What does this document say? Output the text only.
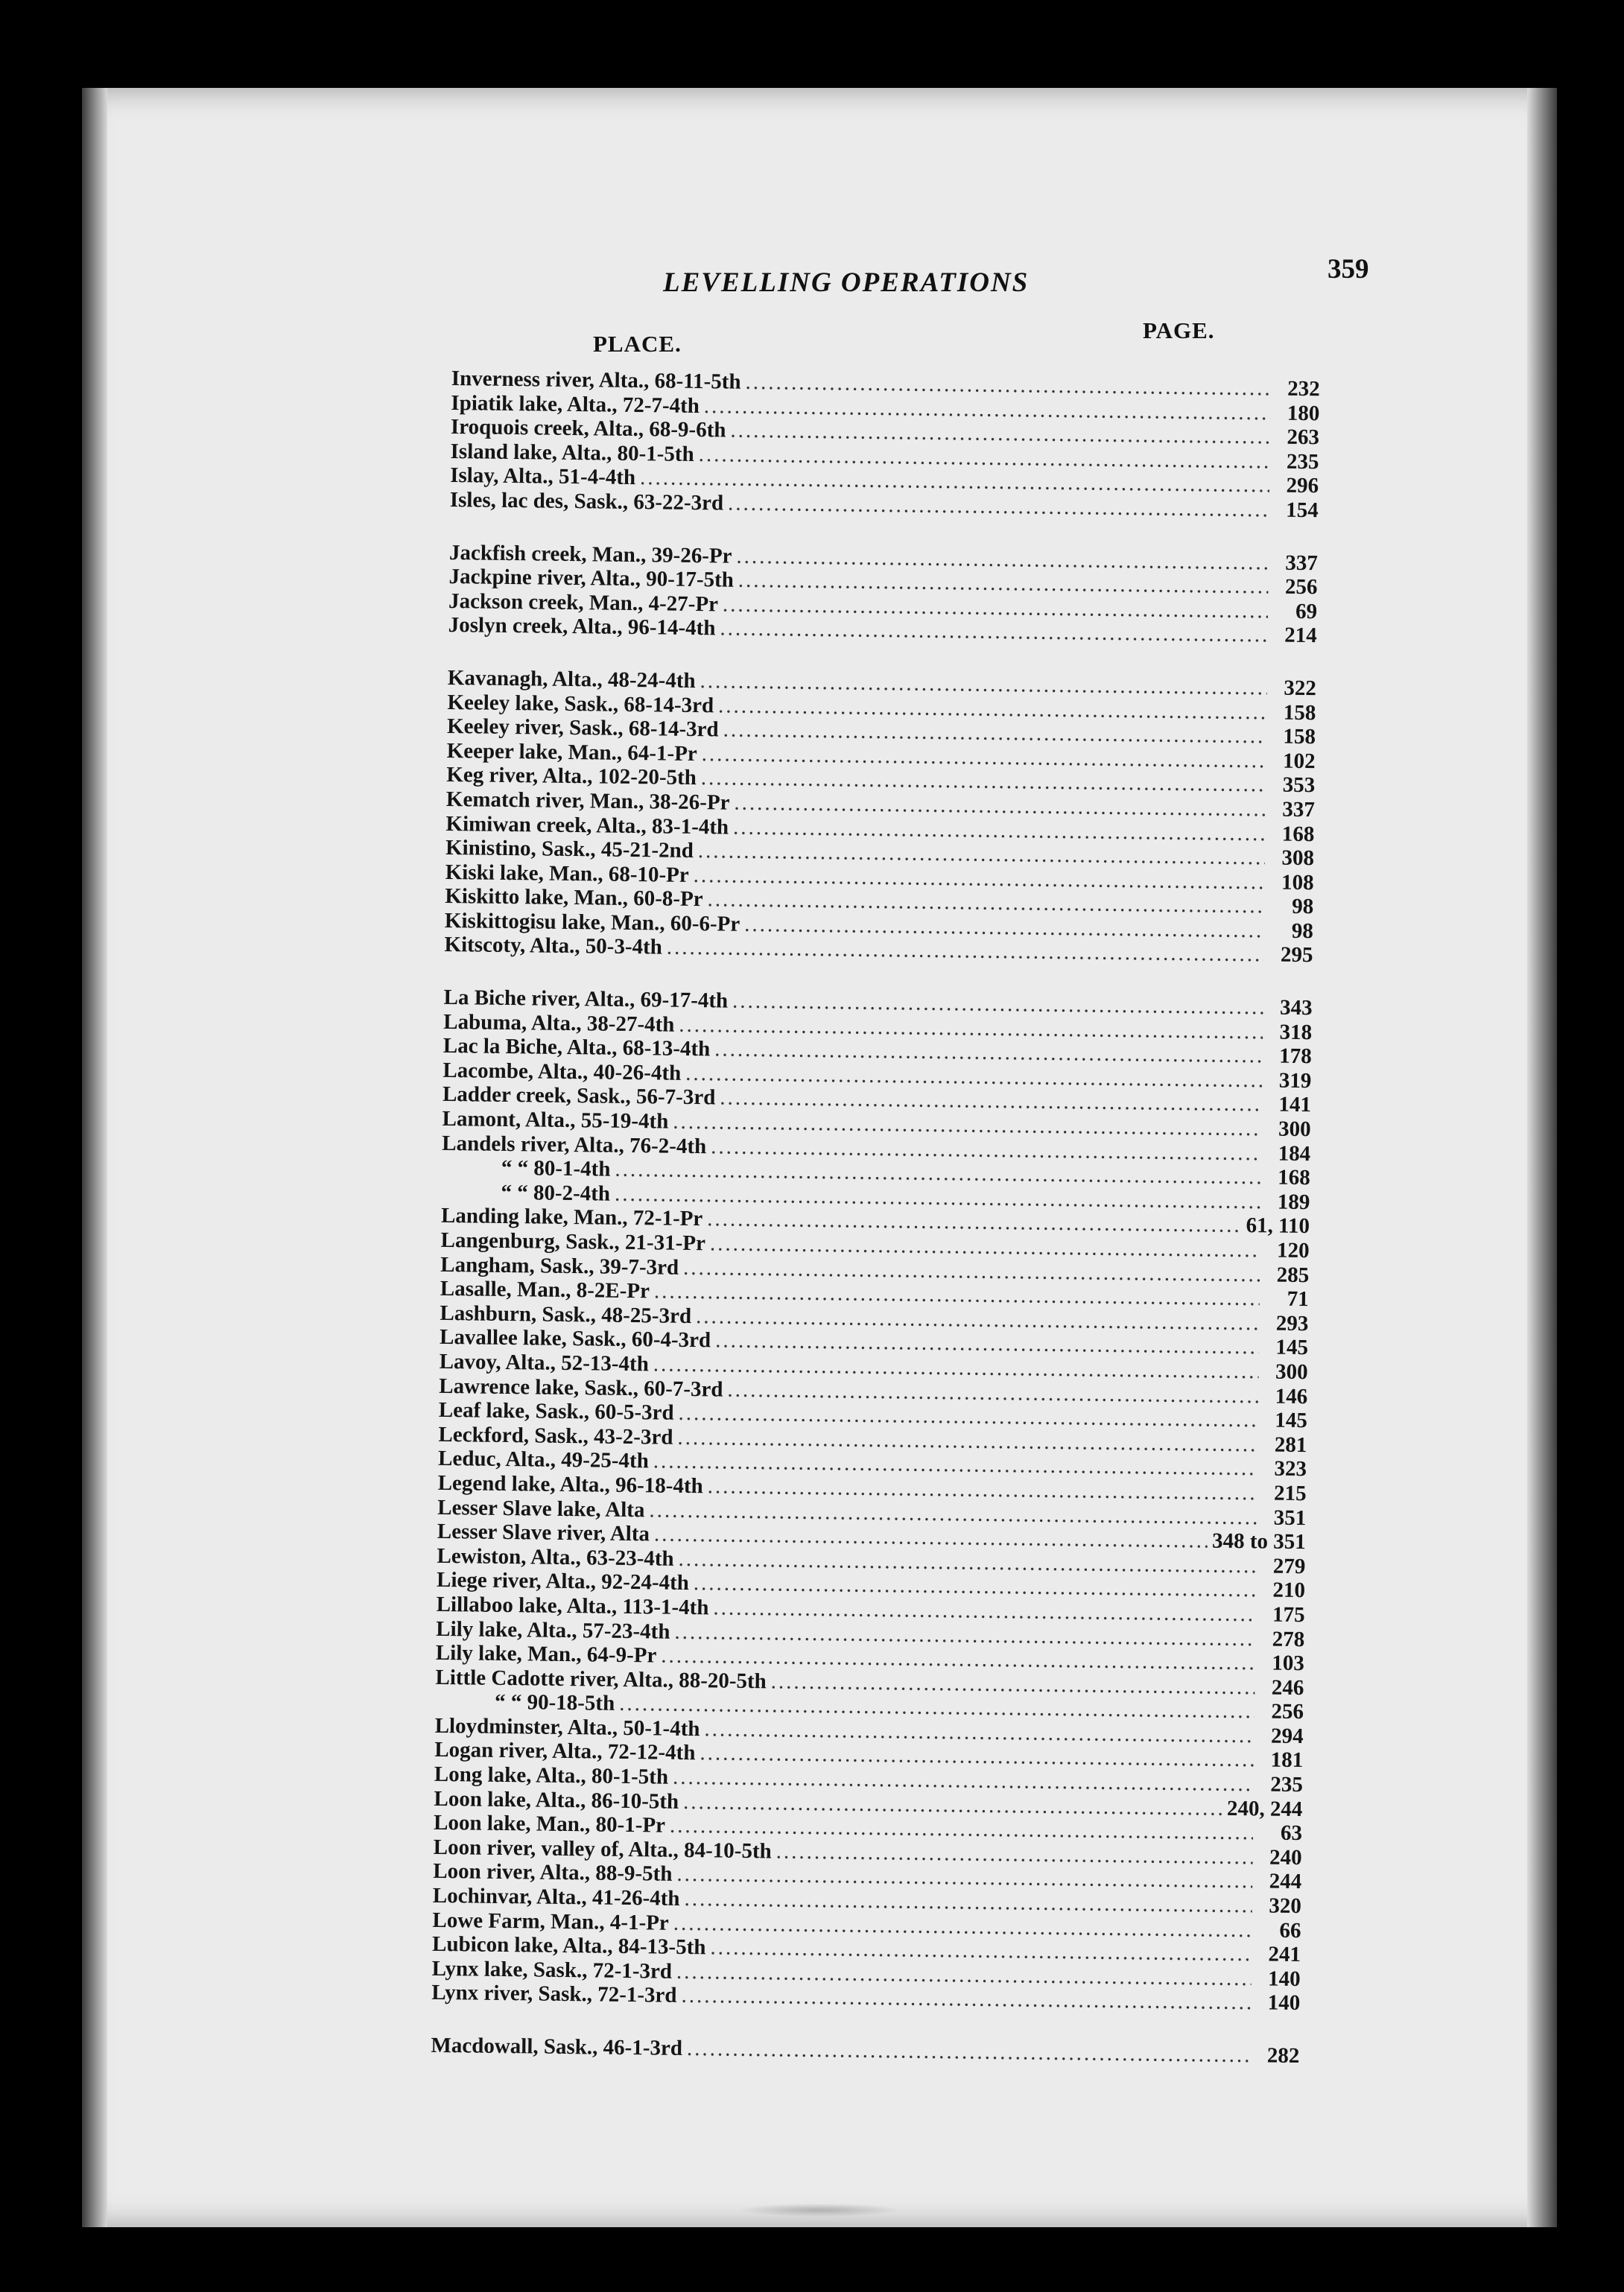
LEVELLING OPERATIONS	359
PLACE.
PAGE.
Inverness river, Alta., 68-11-5th .....	232
Ipiatik lake, Alta., 72-7-4th .....	180
Iroquois creek, Alta., 68-9-6th .....	263
Island lake, Alta., 80-1-5th .....	235
Islay, Alta., 51-4-4th .....	296
Isles, lac des, Sask., 63-22-3rd .....	154
Jackfish creek, Man., 39-26-Pr .....	337
Jackpine river, Alta., 90-17-5th .....	256
Jackson creek, Man., 4-27-Pr .....	69
Joslyn creek, Alta., 96-14-4th .....	214
Kavanagh, Alta., 48-24-4th .....	322
Keeley lake, Sask., 68-14-3rd .....	158
Keeley river, Sask., 68-14-3rd .....	158
Keeper lake, Man., 64-1-Pr .....	102
Keg river, Alta., 102-20-5th .....	353
Kematch river, Man., 38-26-Pr .....	337
Kimiwan creek, Alta., 83-1-4th .....	168
Kinistino, Sask., 45-21-2nd .....	308
Kiski lake, Man., 68-10-Pr .....	108
Kiskitto lake, Man., 60-8-Pr .....	98
Kiskittogisu lake, Man., 60-6-Pr .....	98
Kitscoty, Alta., 50-3-4th .....	295
La Biche river, Alta., 69-17-4th .....	343
Labuma, Alta., 38-27-4th .....	318
Lac la Biche, Alta., 68-13-4th .....	178
Lacombe, Alta., 40-26-4th .....	319
Ladder creek, Sask., 56-7-3rd .....	141
Lamont, Alta., 55-19-4th .....	300
Landels river, Alta., 76-2-4th .....	184
“ “ 80-1-4th .....	168
“ “ 80-2-4th .....	189
Landing lake, Man., 72-1-Pr .....	61, 110
Langenburg, Sask., 21-31-Pr .....	120
Langham, Sask., 39-7-3rd .....	285
Lasalle, Man., 8-2E-Pr .....	71
Lashburn, Sask., 48-25-3rd .....	293
Lavallee lake, Sask., 60-4-3rd .....	145
Lavoy, Alta., 52-13-4th .....	300
Lawrence lake, Sask., 60-7-3rd .....	146
Leaf lake, Sask., 60-5-3rd .....	145
Leckford, Sask., 43-2-3rd .....	281
Leduc, Alta., 49-25-4th .....	323
Legend lake, Alta., 96-18-4th .....	215
Lesser Slave lake, Alta .....	351
Lesser Slave river, Alta .....	348 to 351
Lewiston, Alta., 63-23-4th .....	279
Liege river, Alta., 92-24-4th .....	210
Lillaboo lake, Alta., 113-1-4th .....	175
Lily lake, Alta., 57-23-4th .....	278
Lily lake, Man., 64-9-Pr .....	103
Little Cadotte river, Alta., 88-20-5th .....	246
“ “ 90-18-5th .....	256
Lloydminster, Alta., 50-1-4th .....	294
Logan river, Alta., 72-12-4th .....	181
Long lake, Alta., 80-1-5th .....	235
Loon lake, Alta., 86-10-5th .....	240, 244
Loon lake, Man., 80-1-Pr .....	63
Loon river, valley of, Alta., 84-10-5th .....	240
Loon river, Alta., 88-9-5th .....	244
Lochinvar, Alta., 41-26-4th .....	320
Lowe Farm, Man., 4-1-Pr .....	66
Lubicon lake, Alta., 84-13-5th .....	241
Lynx lake, Sask., 72-1-3rd .....	140
Lynx river, Sask., 72-1-3rd .....	140
Macdowall, Sask., 46-1-3rd .....	282
